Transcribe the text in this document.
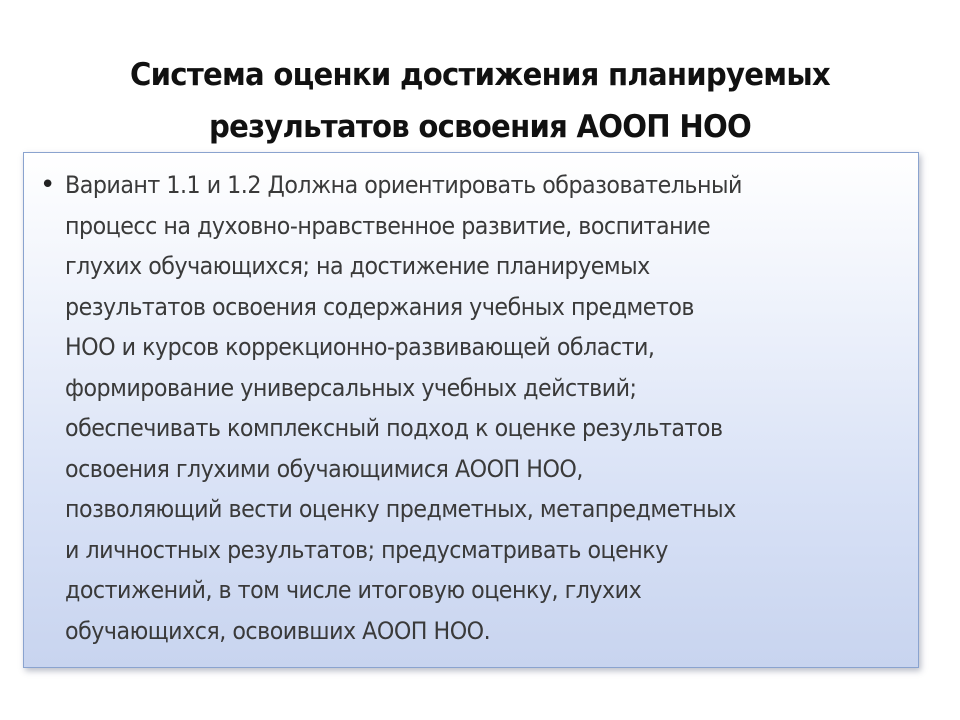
Система оценки достижения планируемых
результатов освоения АООП НОО
• Вариант 1.1 и 1.2 Должна ориентировать образовательный
процесс на духовно-нравственное развитие, воспитание
глухих обучающихся; на достижение планируемых
результатов освоения содержания учебных предметов
НОО и курсов коррекционно-развивающей области,
формирование универсальных учебных действий;
обеспечивать комплексный подход к оценке результатов
освоения глухими обучающимися АООП НОО,
позволяющий вести оценку предметных, метапредметных
и личностных результатов; предусматривать оценку
достижений, в том числе итоговую оценку, глухих
обучающихся, освоивших АООП НОО.
